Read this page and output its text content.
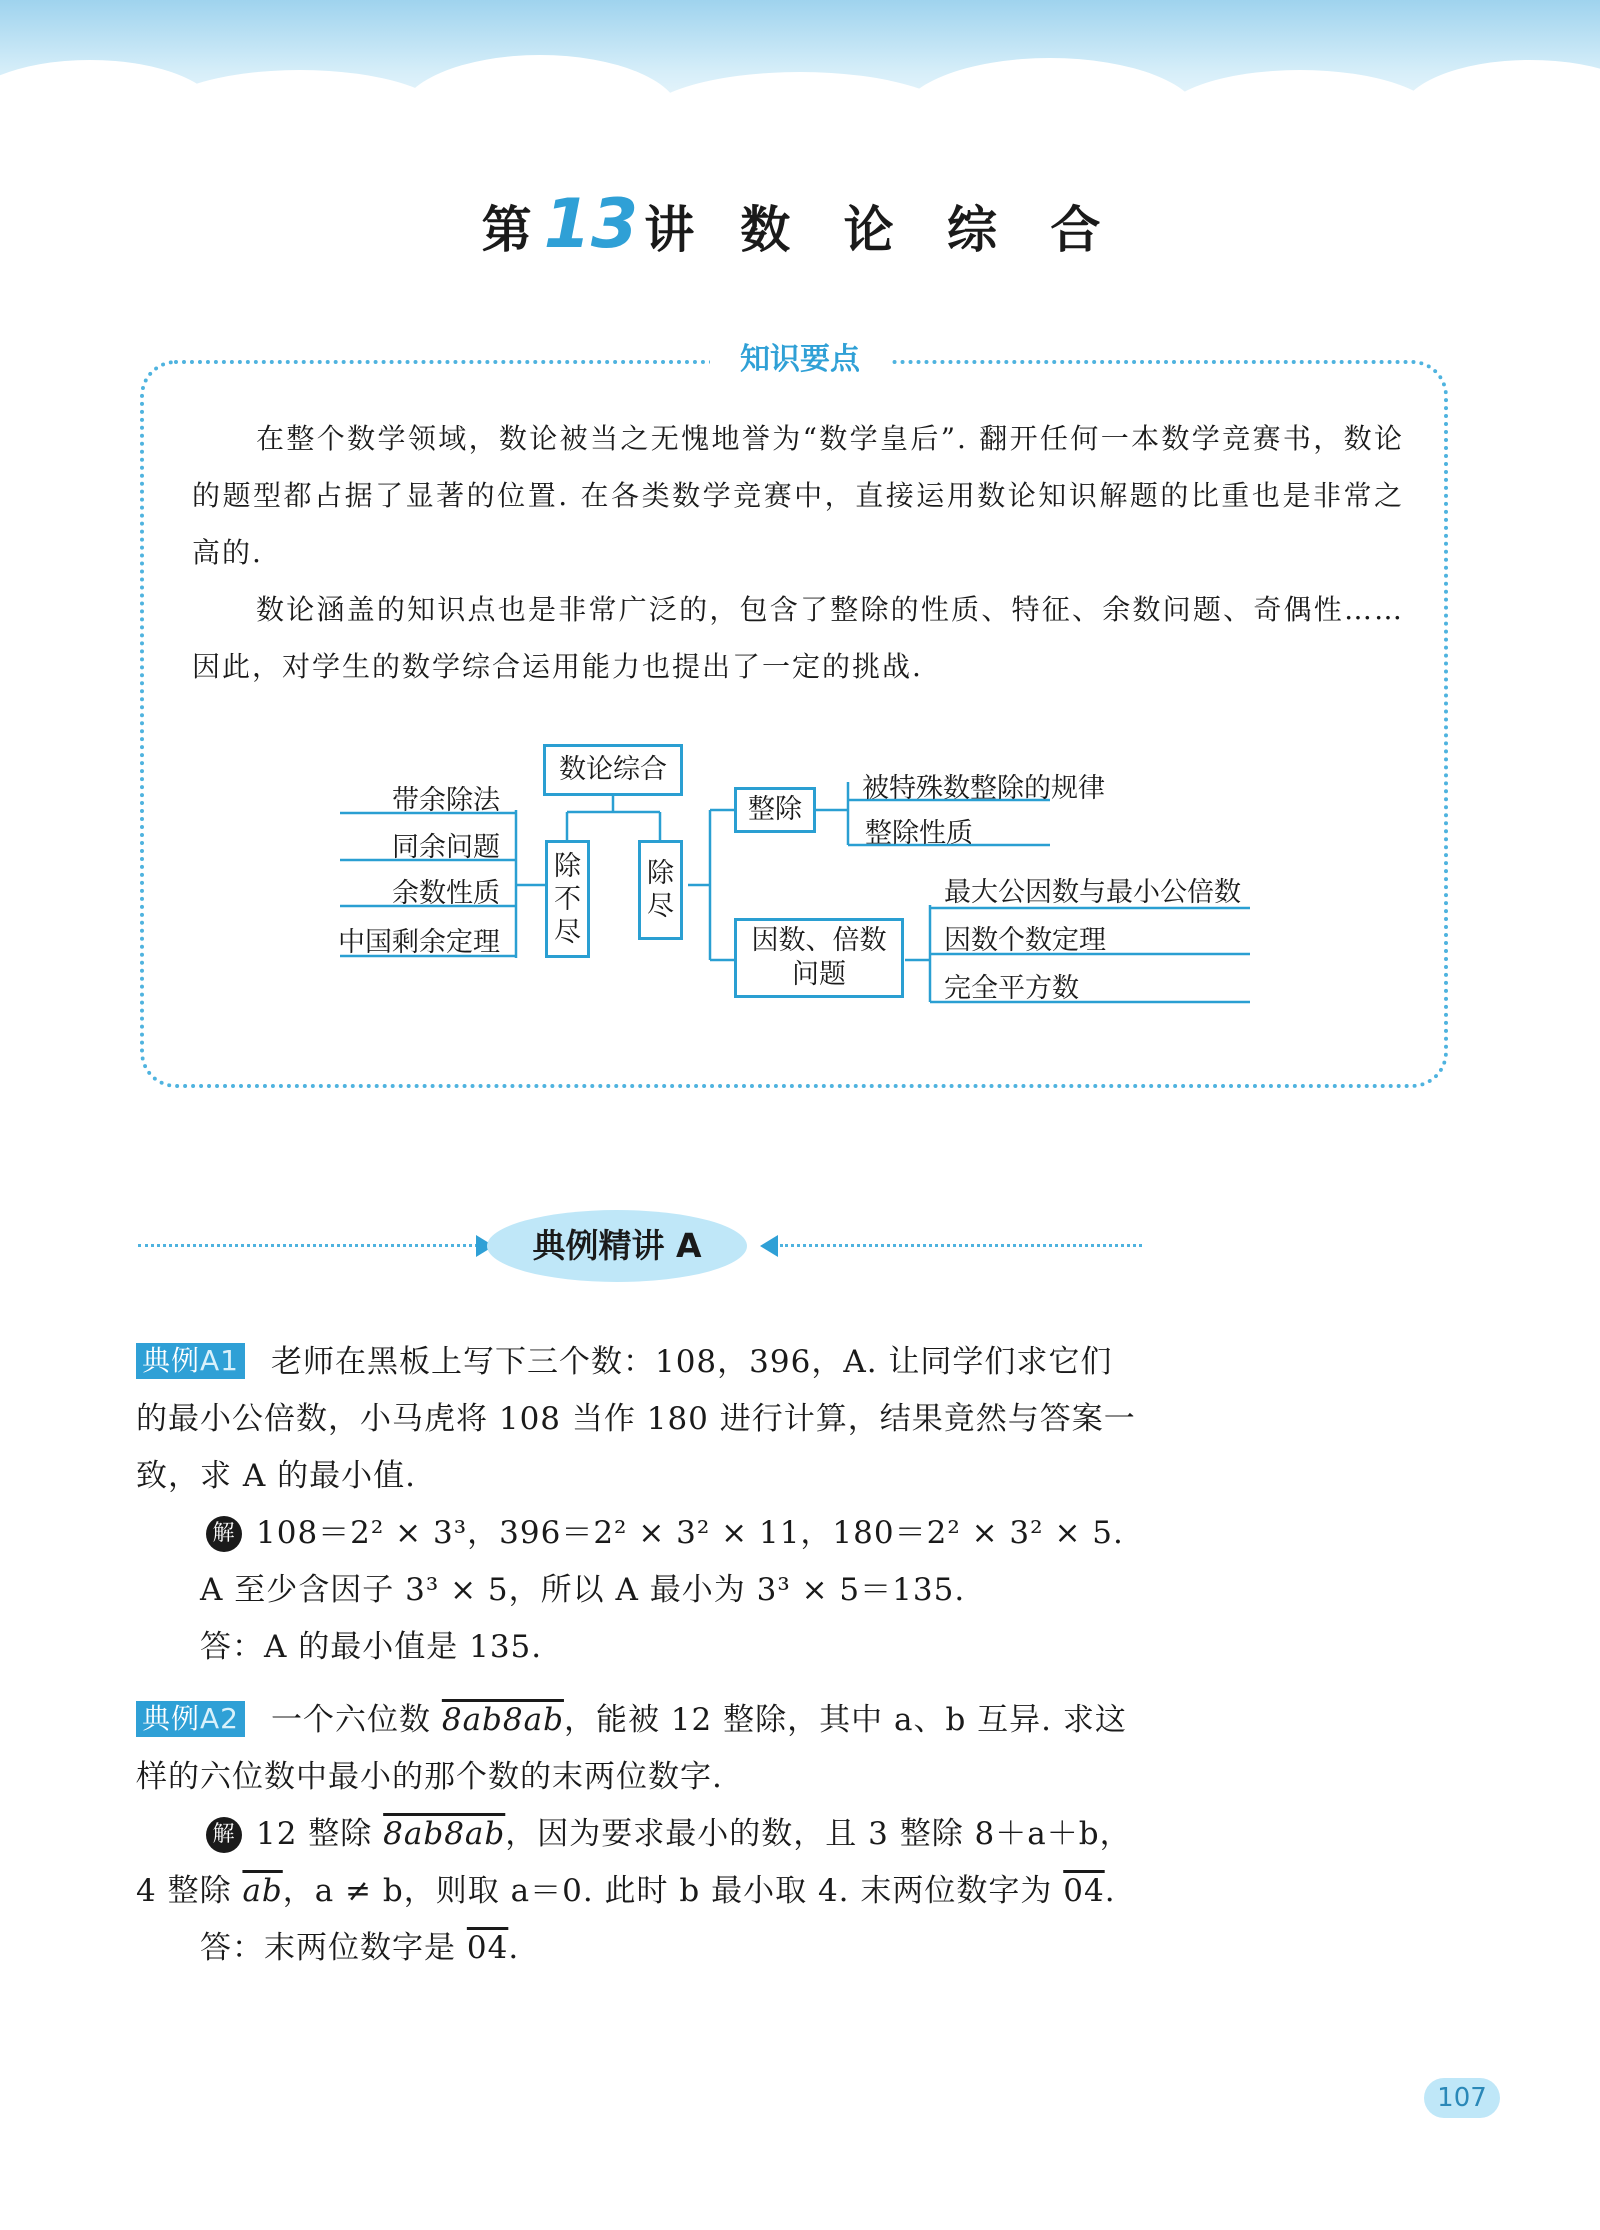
第13 讲 数 论 综 合
知识要点
在整个数学领域，数论被当之无愧地誉为“数学皇后”. 翻开任何一本数学竞赛书，数论的题型都占据了显著的位置. 在各类数学竞赛中，直接运用数论知识解题的比重也是非常之高的.
数论涵盖的知识点也是非常广泛的，包含了整除的性质、特征、余数问题、奇偶性……因此，对学生的数学综合运用能力也提出了一定的挑战.
数论综合
除
不
尽
除
尽
带余除法
同余问题
余数性质
中国剩余定理
整除
被特殊数整除的规律
整除性质
因数、倍数问题
最大公因数与最小公倍数
因数个数定理
完全平方数
典例精讲 A
典例A1 老师在黑板上写下三个数：108，396，A. 让同学们求它们的最小公倍数，小马虎将 108 当作 180 进行计算，结果竟然与答案一致，求 A 的最小值.
解 108＝2² × 3³，396＝2² × 3² × 11，180＝2² × 3² × 5.
A 至少含因子 3³ × 5，所以 A 最小为 3³ × 5＝135.
答：A 的最小值是 135.
典例A2 一个六位数 8ab8ab，能被 12 整除，其中 a、b 互异. 求这样的六位数中最小的那个数的末两位数字.
解 12 整除 8ab8ab，因为要求最小的数，且 3 整除 8＋a＋b，4 整除 $\overline{ab}$，a ≠ b，则取 a＝0. 此时 b 最小取 4. 末两位数字为 04.
答：末两位数字是 04.
107
